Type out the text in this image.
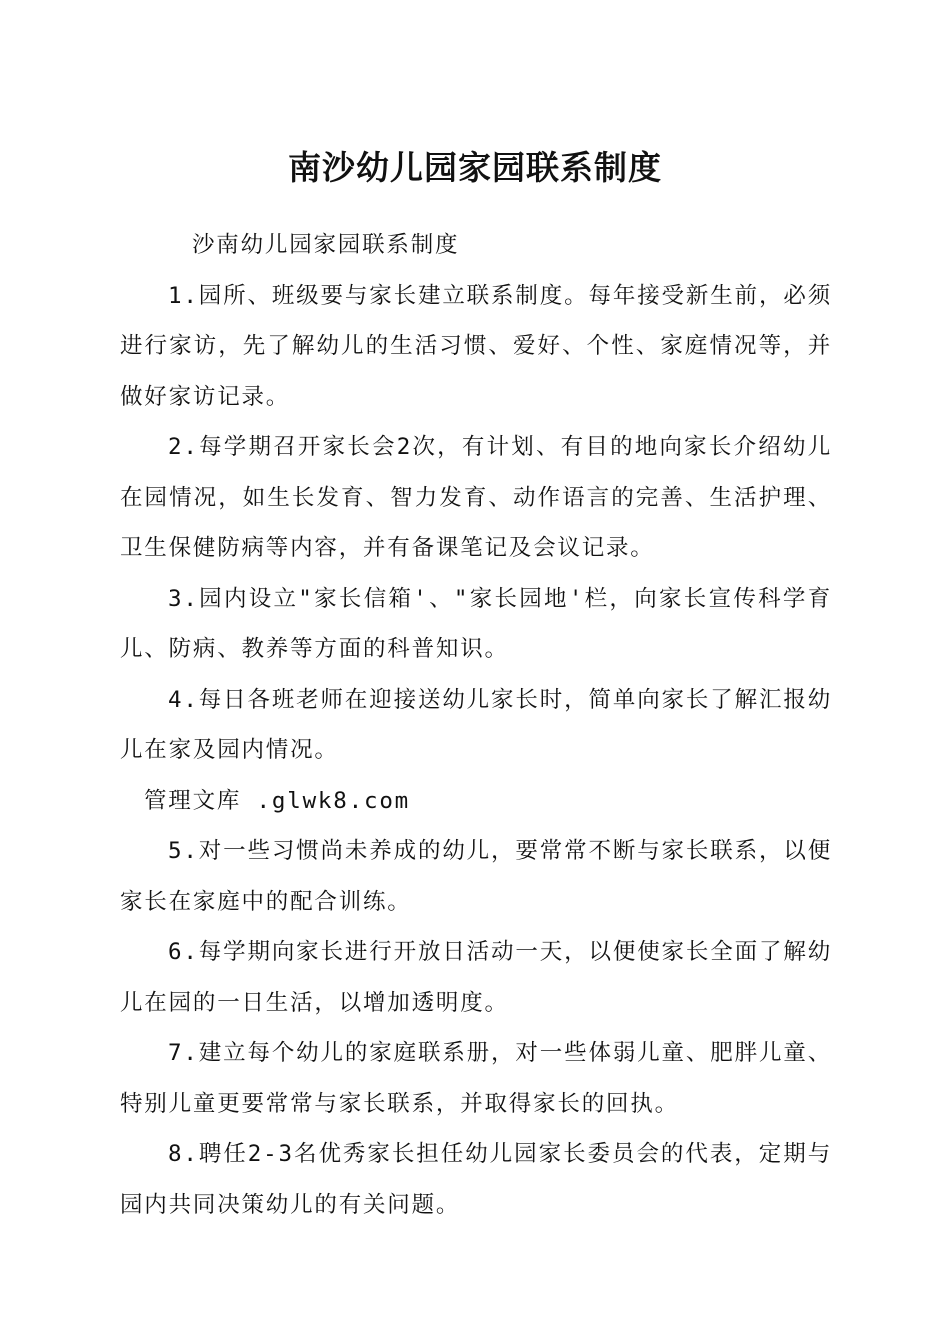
南沙幼儿园家园联系制度

沙南幼儿园家园联系制度

1.园所、班级要与家长建立联系制度。每年接受新生前，必须进行家访，先了解幼儿的生活习惯、爱好、个性、家庭情况等，并做好家访记录。

2.每学期召开家长会2次，有计划、有目的地向家长介绍幼儿在园情况，如生长发育、智力发育、动作语言的完善、生活护理、卫生保健防病等内容，并有备课笔记及会议记录。

3.园内设立"家长信箱'、"家长园地'栏，向家长宣传科学育儿、防病、教养等方面的科普知识。

4.每日各班老师在迎接送幼儿家长时，简单向家长了解汇报幼儿在家及园内情况。

管理文库 .glwk8.com

5.对一些习惯尚未养成的幼儿，要常常不断与家长联系，以便家长在家庭中的配合训练。

6.每学期向家长进行开放日活动一天，以便使家长全面了解幼儿在园的一日生活，以增加透明度。

7.建立每个幼儿的家庭联系册，对一些体弱儿童、肥胖儿童、特别儿童更要常常与家长联系，并取得家长的回执。

8.聘任2-3名优秀家长担任幼儿园家长委员会的代表，定期与园内共同决策幼儿的有关问题。
